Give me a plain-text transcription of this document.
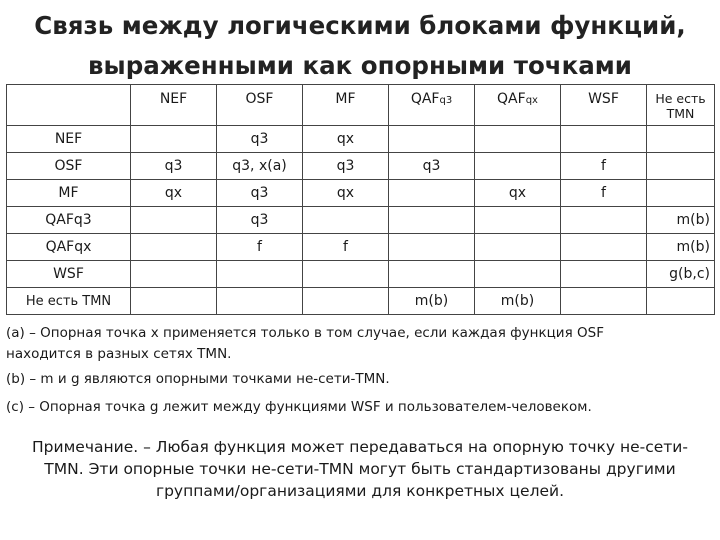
Связь между логическими блоками функций,
выраженными как опорными точками
	NEF	OSF	MF	QAFq3	QAFqx	WSF	Не есть TMN
NEF		q3	qx				
OSF	q3	q3, x(a)	q3	q3		f	
MF	qx	q3	qx		qx	f	
QAFq3		q3					m(b)
QAFqx		f	f				m(b)
WSF							g(b,c)
Не есть TMN				m(b)	m(b)		
(a) – Опорная точка x применяется только в том случае, если каждая функция OSF
находится в разных сетях TMN.
(b) – m и g являются опорными точками не-сети-TMN.
(c) – Опорная точка g лежит между функциями WSF и пользователем-человеком.
Примечание. – Любая функция может передаваться на опорную точку не-сети-
TMN. Эти опорные точки не-сети-TMN могут быть стандартизованы другими
группами/организациями для конкретных целей.
